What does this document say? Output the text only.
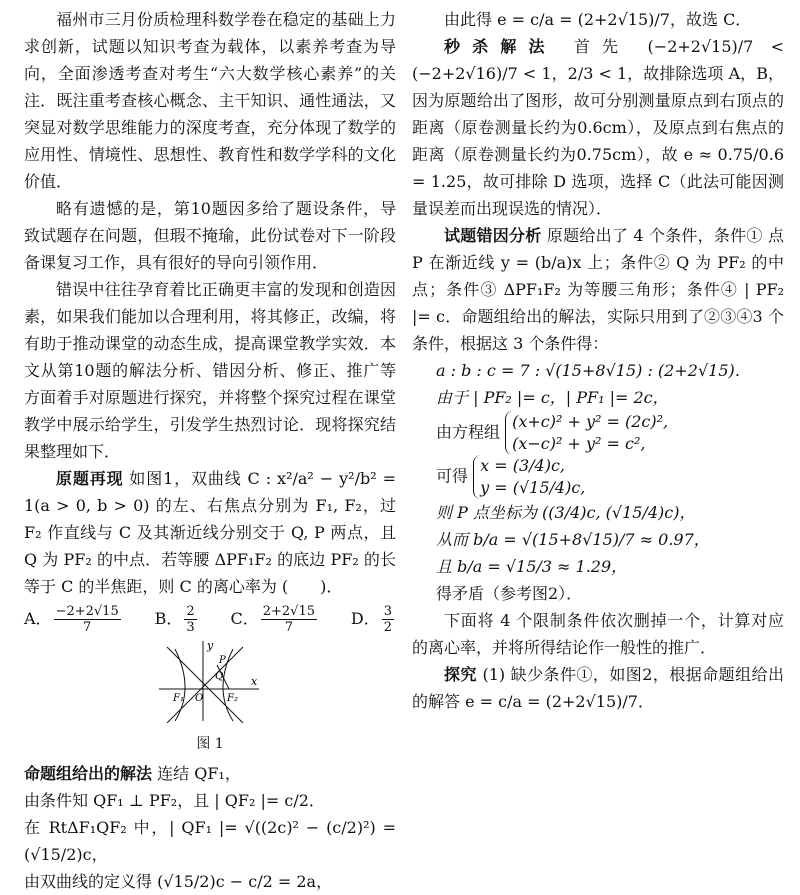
福州市三月份质检理科数学卷在稳定的基础上力求创新，试题以知识考查为载体，以素养考查为导向，全面渗透考查对考生“六大数学核心素养”的关注．既注重考查核心概念、主干知识、通性通法，又突显对数学思维能力的深度考查，充分体现了数学的应用性、情境性、思想性、教育性和数学学科的文化价值．

略有遗憾的是，第10题因多给了题设条件，导致试题存在问题，但瑕不掩瑜，此份试卷对下一阶段备课复习工作，具有很好的导向引领作用．

错误中往往孕育着比正确更丰富的发现和创造因素，如果我们能加以合理利用，将其修正，改编，将有助于推动课堂的动态生成，提高课堂教学实效．本文从第10题的解法分析、错因分析、修正、推广等方面着手对原题进行探究，并将整个探究过程在课堂教学中展示给学生，引发学生热烈讨论．现将探究结果整理如下．

原题再现 如图1，双曲线 C : x²/a² − y²/b² = 1(a > 0, b > 0) 的左、右焦点分别为 F₁, F₂，过 F₂ 作直线与 C 及其渐近线分别交于 Q, P 两点，且 Q 为 PF₂ 的中点．若等腰 ΔPF₁F₂ 的底边 PF₂ 的长等于 C 的半焦距，则 C 的离心率为 (　　)．

A． $\frac{-2+2√15}{7}$ B． $\frac{2}{3}$ C． $\frac{2+2√15}{7}$ D． $\frac{3}{2}$
y
x
P
Q
F₁ O F₂
图 1

命题组给出的解法 连结 QF₁，

由条件知 QF₁ ⊥ PF₂，且 | QF₂ |= c/2．

在 RtΔF₁QF₂ 中，| QF₁ |= √((2c)² − (c/2)²) = (√15/2)c，

由双曲线的定义得 (√15/2)c − c/2 = 2a，

由此得 e = c/a = (2+2√15)/7，故选 C．

秒杀解法 首先 (−2+2√15)/7 < (−2+2√16)/7 < 1，2/3 < 1，故排除选项 A，B，因为原题给出了图形，故可分别测量原点到右顶点的距离（原卷测量长约为0.6cm），及原点到右焦点的距离（原卷测量长约为0.75cm），故 e ≈ 0.75/0.6 = 1.25，故可排除 D 选项，选择 C（此法可能因测量误差而出现误选的情况）．

试题错因分析 原题给出了 4 个条件，条件① 点 P 在渐近线 y = (b/a)x 上；条件② Q 为 PF₂ 的中点；条件③ ΔPF₁F₂ 为等腰三角形；条件④ | PF₂ |= c．命题组给出的解法，实际只用到了②③④3 个条件，根据这 3 个条件得：

a : b : c = 7 : √(15+8√15) : (2+2√15)．

由于 | PF₂ |= c，| PF₁ |= 2c，

由方程组 (x+c)² + y² = (2c)²,
(x−c)² + y² = c²,

可得 x = (3/4)c,
y = (√15/4)c,

则 P 点坐标为 ((3/4)c, (√15/4)c)，

从而 b/a = √(15+8√15)/7 ≈ 0.97，

且 b/a = √15/3 ≈ 1.29，

得矛盾（参考图2）．

下面将 4 个限制条件依次删掉一个，计算对应的离心率，并将所得结论作一般性的推广．

探究 (1) 缺少条件①，如图2，根据命题组给出的解答 e = c/a = (2+2√15)/7．
